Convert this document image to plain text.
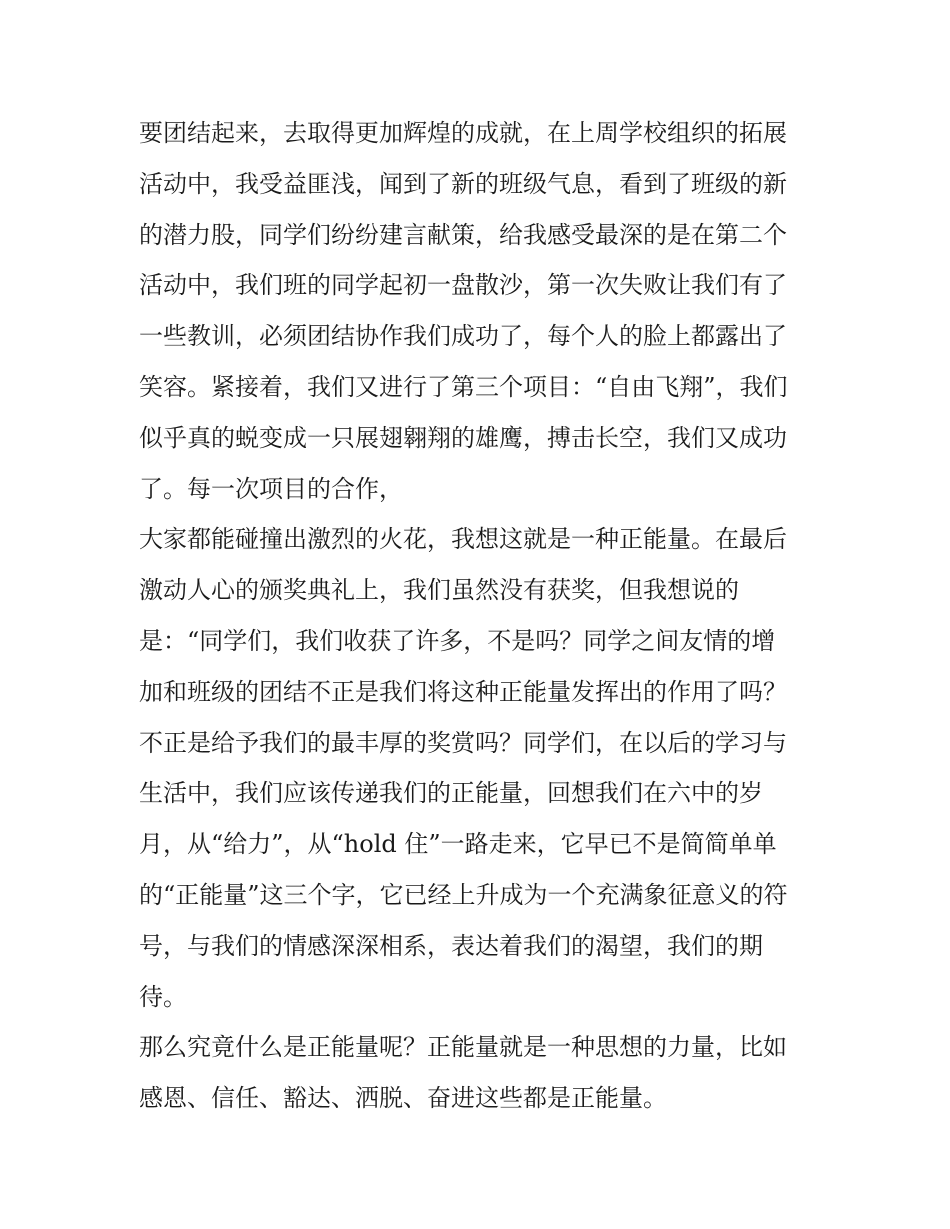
要团结起来，去取得更加辉煌的成就，在上周学校组织的拓展
活动中，我受益匪浅，闻到了新的班级气息，看到了班级的新
的潜力股，同学们纷纷建言献策，给我感受最深的是在第二个
活动中，我们班的同学起初一盘散沙，第一次失败让我们有了
一些教训，必须团结协作我们成功了，每个人的脸上都露出了
笑容。紧接着，我们又进行了第三个项目：“自由飞翔”，我们
似乎真的蜕变成一只展翅翱翔的雄鹰，搏击长空，我们又成功
了。每一次项目的合作，
大家都能碰撞出激烈的火花，我想这就是一种正能量。在最后
激动人心的颁奖典礼上，我们虽然没有获奖，但我想说的
是：“同学们，我们收获了许多，不是吗？同学之间友情的增
加和班级的团结不正是我们将这种正能量发挥出的作用了吗？
不正是给予我们的最丰厚的奖赏吗？同学们，在以后的学习与
生活中，我们应该传递我们的正能量，回想我们在六中的岁
月，从“给力”，从“hold 住”一路走来，它早已不是简简单单
的“正能量”这三个字，它已经上升成为一个充满象征意义的符
号，与我们的情感深深相系，表达着我们的渴望，我们的期
待。
那么究竟什么是正能量呢？正能量就是一种思想的力量，比如
感恩、信任、豁达、洒脱、奋进这些都是正能量。
